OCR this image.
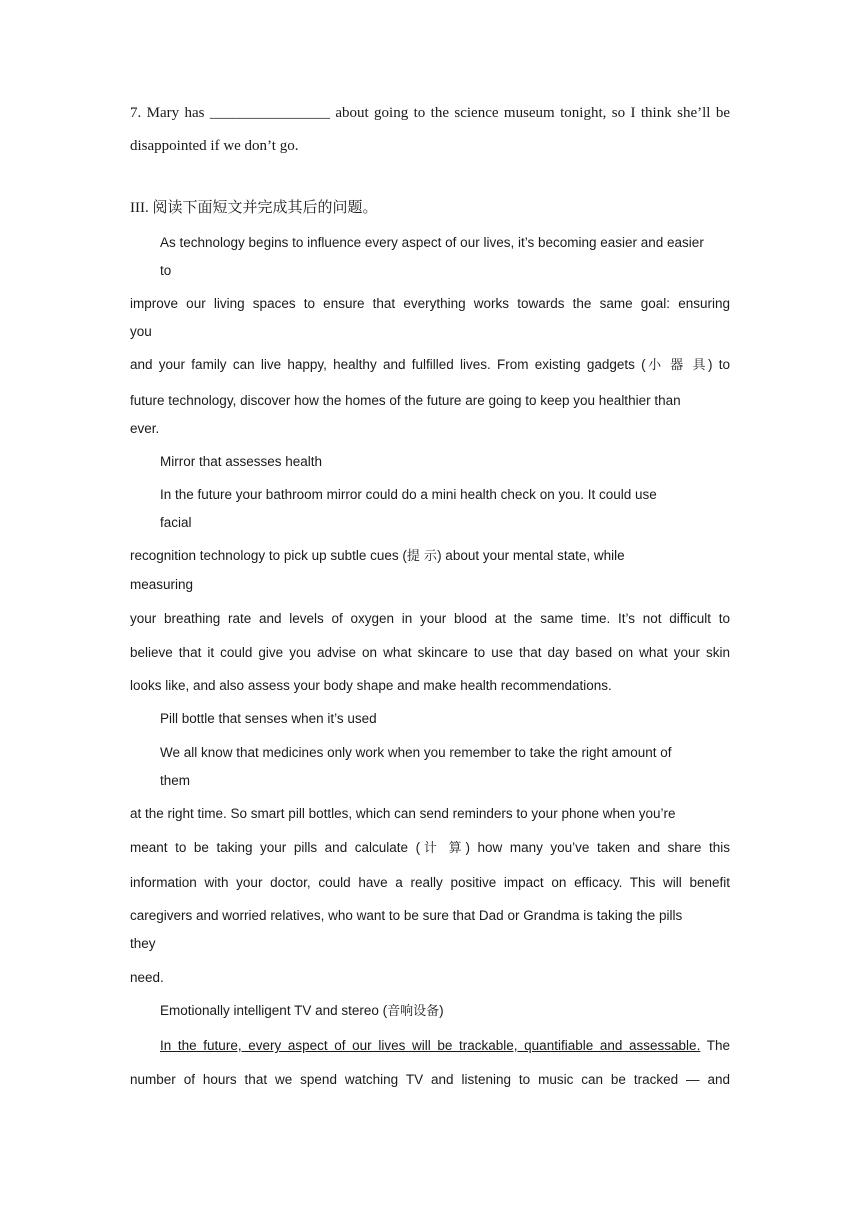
7. Mary has ________________ about going to the science museum tonight, so I think she’ll be
disappointed if we don’t go.
III. 阅读下面短文并完成其后的问题。
As technology begins to influence every aspect of our lives, it’s becoming easier and easier
to
improve our living spaces to ensure that everything works towards the same goal: ensuring
you
and your family can live happy, healthy and fulfilled lives. From existing gadgets (小 器 具) to
future technology, discover how the homes of the future are going to keep you healthier than
ever.
Mirror that assesses health
In the future your bathroom mirror could do a mini health check on you. It could use
facial
recognition technology to pick up subtle cues (提 示) about your mental state, while
measuring
your breathing rate and levels of oxygen in your blood at the same time. It’s not difficult to
believe that it could give you advise on what skincare to use that day based on what your skin
looks like, and also assess your body shape and make health recommendations.
Pill bottle that senses when it’s used
We all know that medicines only work when you remember to take the right amount of
them
at the right time. So smart pill bottles, which can send reminders to your phone when you’re
meant to be taking your pills and calculate (计 算) how many you’ve taken and share this
information with your doctor, could have a really positive impact on efficacy. This will benefit
caregivers and worried relatives, who want to be sure that Dad or Grandma is taking the pills
they
need.
Emotionally intelligent TV and stereo (音响设备)
In the future, every aspect of our lives will be trackable, quantifiable and assessable. The
number of hours that we spend watching TV and listening to music can be tracked — and
